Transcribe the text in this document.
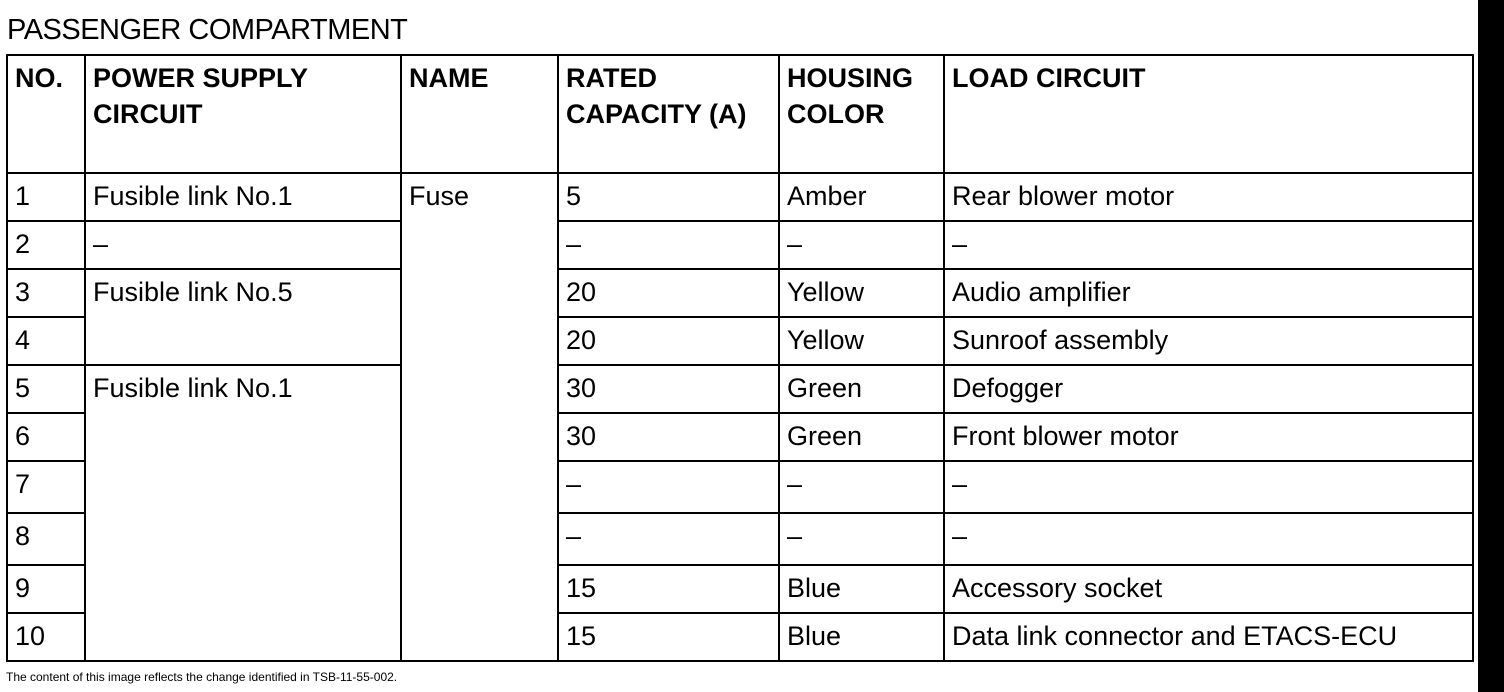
PASSENGER COMPARTMENT
NO.	POWER SUPPLY CIRCUIT	NAME	RATED CAPACITY (A)	HOUSING COLOR	LOAD CIRCUIT
1	Fusible link No.1	Fuse	5	Amber	Rear blower motor
2	–		–	–	–
3	Fusible link No.5		20	Yellow	Audio amplifier
4			20	Yellow	Sunroof assembly
5	Fusible link No.1		30	Green	Defogger
6			30	Green	Front blower motor
7			–	–	–
8			–	–	–
9			15	Blue	Accessory socket
10			15	Blue	Data link connector and ETACS-ECU
The content of this image reflects the change identified in TSB-11-55-002.
